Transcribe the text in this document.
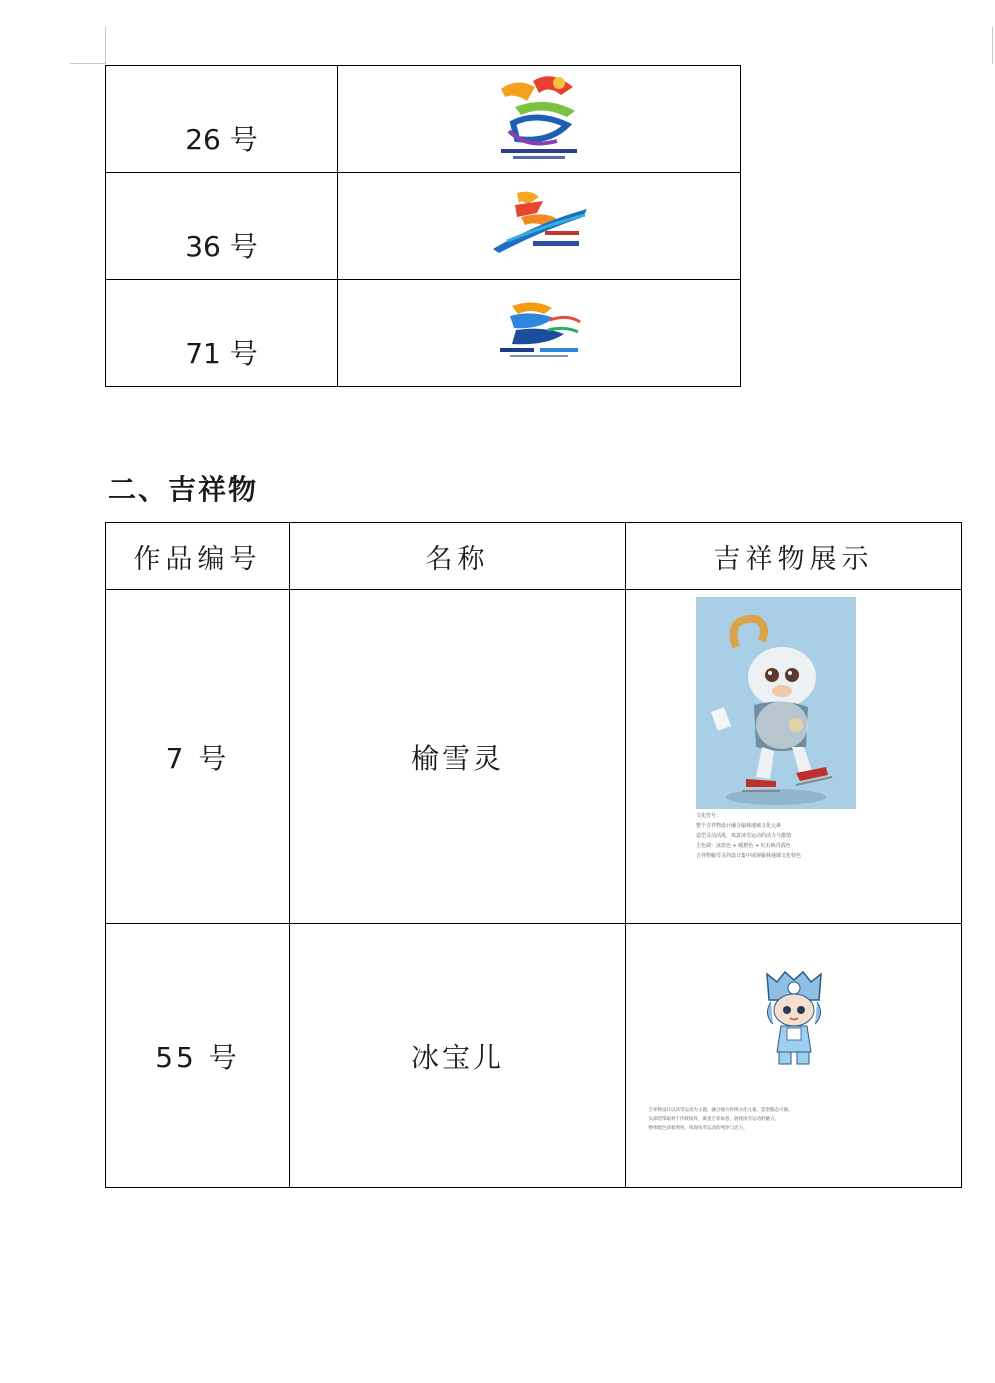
26 号	
36 号	
71 号	
二、吉祥物
作品编号	名称	吉祥物展示
7 号	榆雪灵	文化符号：

整个吉祥物设计融合榆林地域文化元素

造型灵动活泼，寓意冰雪运动的活力与激情

主色调：冰蓝色 + 暖橙色 + 红石峡丹霞色

吉祥物榆雪灵的设计集中展现榆林地域文化特色

55 号	冰宝儿	吉祥物设计以冰雪运动为主题，融合地方传统文化元素，造型憨态可掬。

头部装饰取材于传统纹样，寓意吉祥如意，展现冰雪运动的魅力。

整体配色清新明快，体现冰雪运动的纯净与活力。
